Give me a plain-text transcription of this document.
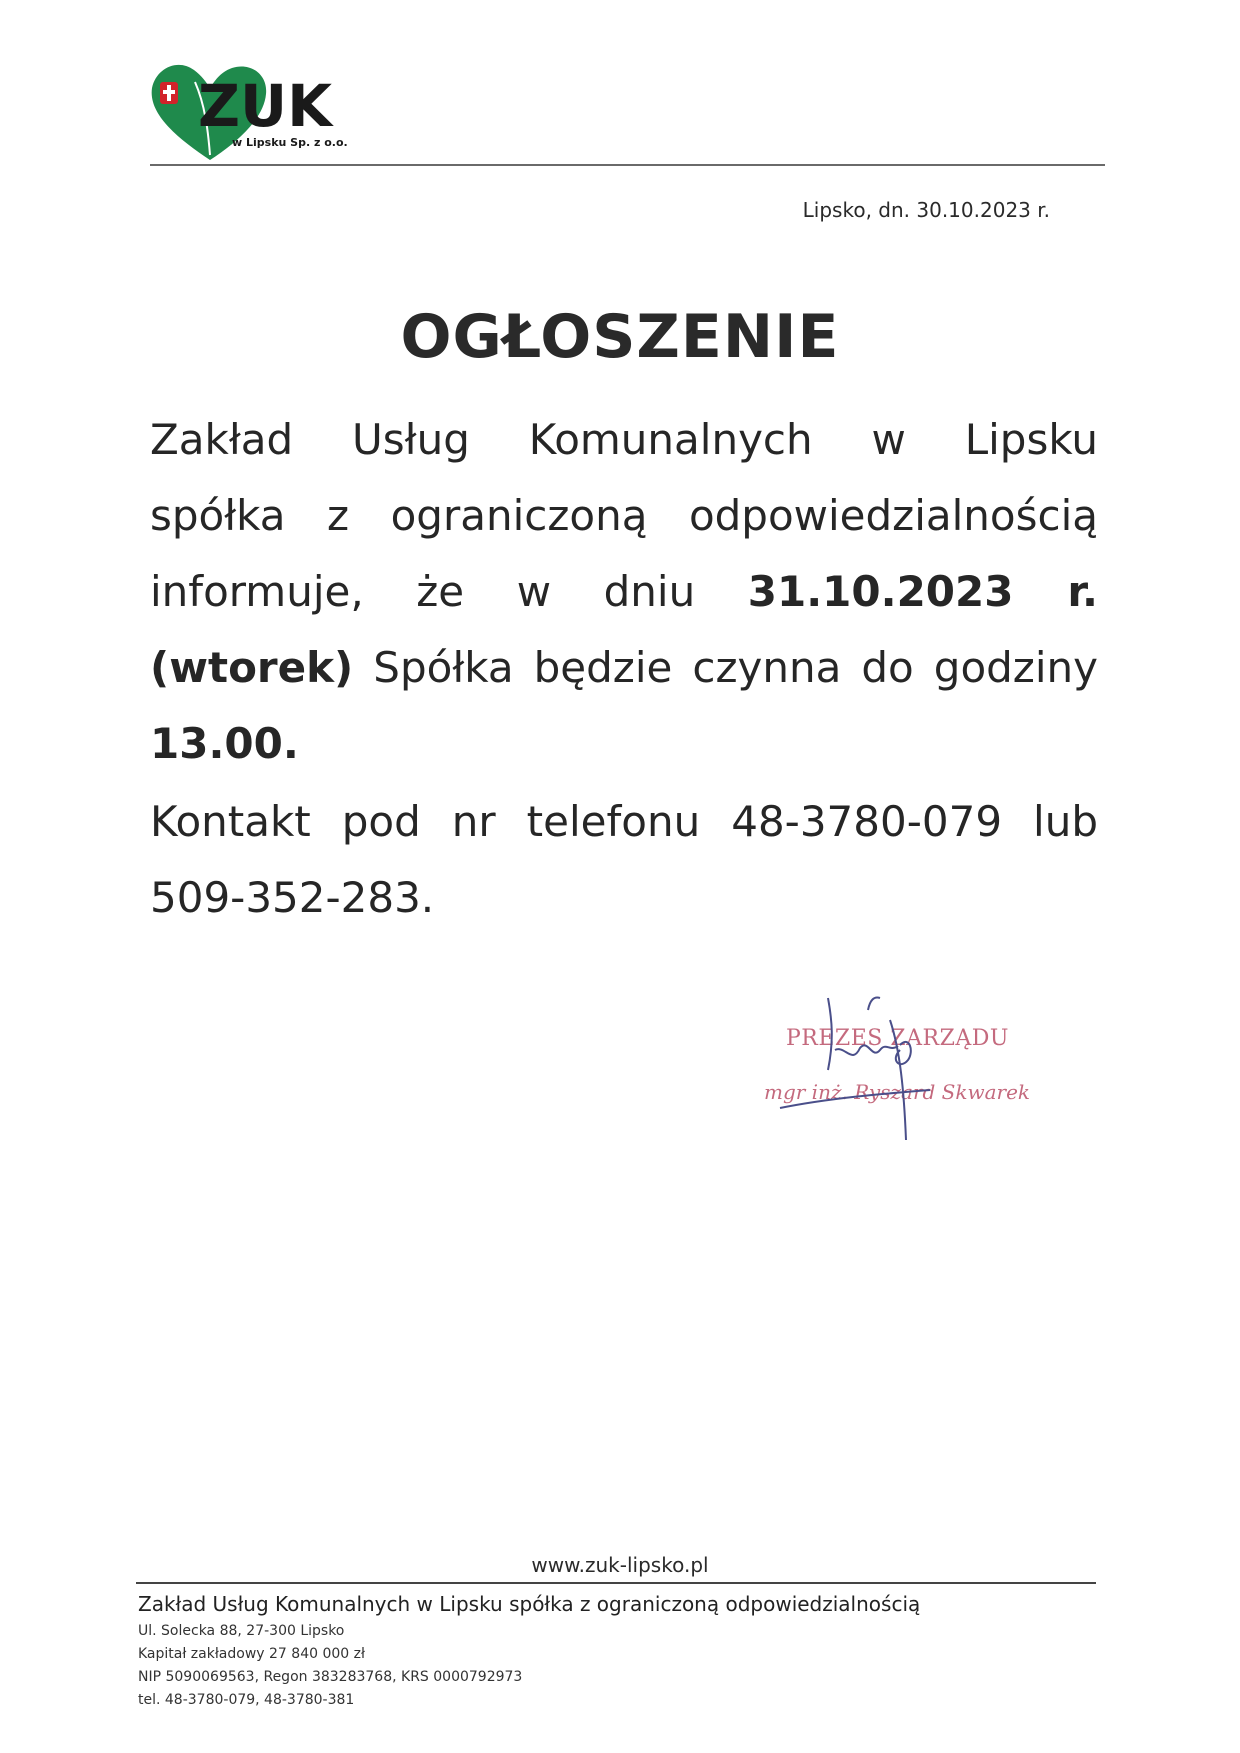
ZUK
w Lipsku Sp. z o.o.
Lipsko, dn. 30.10.2023 r.
OGŁOSZENIE
Zakład Usług Komunalnych w Lipsku
spółka z ograniczoną odpowiedzialnością
informuje, że w dniu 31.10.2023 r.
(wtorek) Spółka będzie czynna do godziny
13.00.
Kontakt pod nr telefonu 48-3780-079 lub
509-352-283.
PREZES ZARZĄDU
mgr inż. Ryszard Skwarek
www.zuk-lipsko.pl
Zakład Usług Komunalnych w Lipsku spółka z ograniczoną odpowiedzialnością
Ul. Solecka 88, 27-300 Lipsko
Kapitał zakładowy 27 840 000 zł
NIP 5090069563, Regon 383283768, KRS 0000792973
tel. 48-3780-079, 48-3780-381
